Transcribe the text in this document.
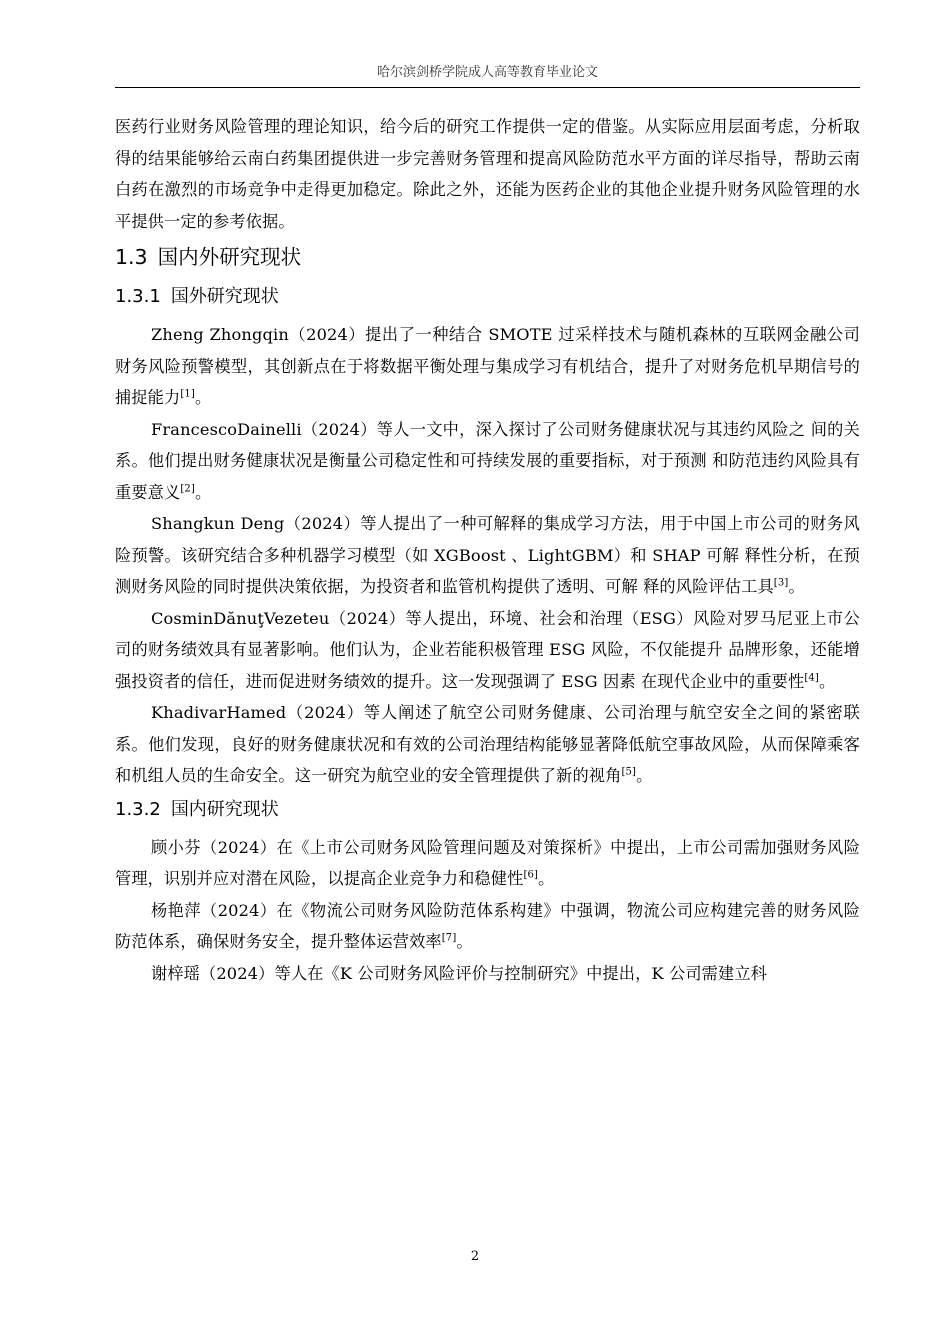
哈尔滨剑桥学院成人高等教育毕业论文

医药行业财务风险管理的理论知识，给今后的研究工作提供一定的借鉴。从实际应用层面考虑，分析取得的结果能够给云南白药集团提供进一步完善财务管理和提高风险防范水平方面的详尽指导，帮助云南白药在激烈的市场竞争中走得更加稳定。除此之外，还能为医药企业的其他企业提升财务风险管理的水平提供一定的参考依据。

1.3 国内外研究现状
1.3.1 国外研究现状

Zheng Zhongqin（2024）提出了一种结合 SMOTE 过采样技术与随机森林的互联网金融公司财务风险预警模型，其创新点在于将数据平衡处理与集成学习有机结合，提升了对财务危机早期信号的捕捉能力[1]。

FrancescoDainelli（2024）等人一文中，深入探讨了公司财务健康状况与其违约风险之 间的关系。他们提出财务健康状况是衡量公司稳定性和可持续发展的重要指标，对于预测 和防范违约风险具有重要意义[2]。

Shangkun Deng（2024）等人提出了一种可解释的集成学习方法，用于中国上市公司的财务风险预警。该研究结合多种机器学习模型（如 XGBoost 、LightGBM）和 SHAP 可解 释性分析，在预测财务风险的同时提供决策依据，为投资者和监管机构提供了透明、可解 释的风险评估工具[3]。

CosminDănuţVezeteu（2024）等人提出，环境、社会和治理（ESG）风险对罗马尼亚上市公司的财务绩效具有显著影响。他们认为，企业若能积极管理 ESG 风险，不仅能提升 品牌形象，还能增强投资者的信任，进而促进财务绩效的提升。这一发现强调了 ESG 因素 在现代企业中的重要性[4]。

KhadivarHamed（2024）等人阐述了航空公司财务健康、公司治理与航空安全之间的紧密联系。他们发现，良好的财务健康状况和有效的公司治理结构能够显著降低航空事故风险，从而保障乘客和机组人员的生命安全。这一研究为航空业的安全管理提供了新的视角[5]。

1.3.2 国内研究现状

顾小芬（2024）在《上市公司财务风险管理问题及对策探析》中提出，上市公司需加强财务风险管理，识别并应对潜在风险，以提高企业竞争力和稳健性[6]。

杨艳萍（2024）在《物流公司财务风险防范体系构建》中强调，物流公司应构建完善的财务风险防范体系，确保财务安全，提升整体运营效率[7]。

谢梓瑶（2024）等人在《K 公司财务风险评价与控制研究》中提出，K 公司需建立科

2
